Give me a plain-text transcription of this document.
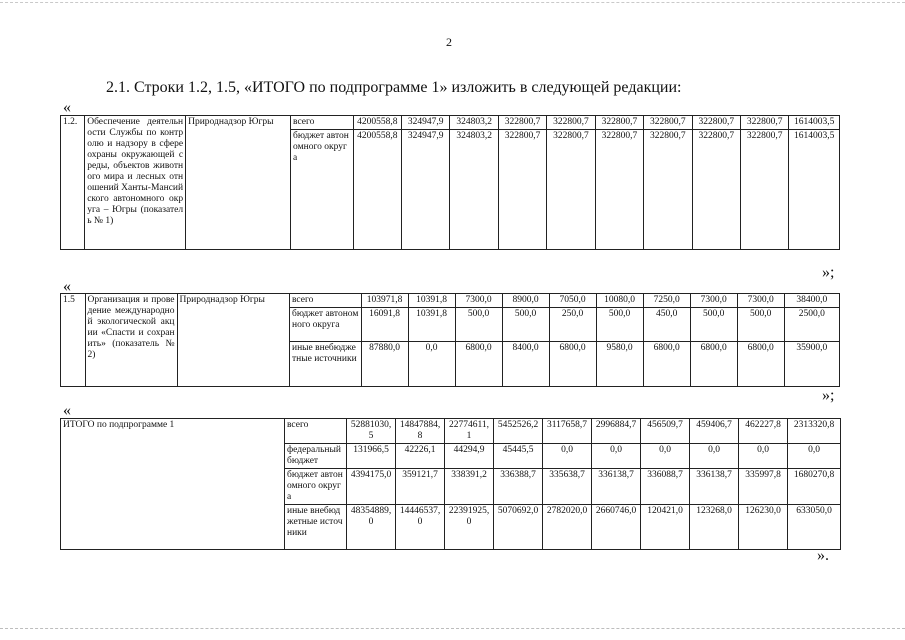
2
2.1. Строки 1.2, 1.5, «ИТОГО по подпрограмме 1» изложить в следующей редакции:
«
1.2.	Обеспечение деятельности Службы по контролю и надзору в сфере охраны окружающей среды, объектов животного мира и лесных отношений Ханты-Мансийского автономного округа – Югры (показатель № 1)	Природнадзор Югры	всего	4200558,8	324947,9	324803,2	322800,7	322800,7	322800,7	322800,7	322800,7	322800,7	1614003,5
			бюджет автономного округа	4200558,8	324947,9	324803,2	322800,7	322800,7	322800,7	322800,7	322800,7	322800,7	1614003,5
»;
«
1.5	Организация и проведение международной экологической акции «Спасти и сохранить» (показатель № 2)	Природнадзор Югры	всего	103971,8	10391,8	7300,0	8900,0	7050,0	10080,0	7250,0	7300,0	7300,0	38400,0
			бюджет автономного округа	16091,8	10391,8	500,0	500,0	250,0	500,0	450,0	500,0	500,0	2500,0
			иные внебюджетные источники	87880,0	0,0	6800,0	8400,0	6800,0	9580,0	6800,0	6800,0	6800,0	35900,0
»;
«
ИТОГО по подпрограмме 1	всего	52881030,5	14847884,8	22774611,1	5452526,2	3117658,7	2996884,7	456509,7	459406,7	462227,8	2313320,8
	федеральный бюджет	131966,5	42226,1	44294,9	45445,5	0,0	0,0	0,0	0,0	0,0	0,0
	бюджет автономного округа	4394175,0	359121,7	338391,2	336388,7	335638,7	336138,7	336088,7	336138,7	335997,8	1680270,8
	иные внебюджетные источники	48354889,0	14446537,0	22391925,0	5070692,0	2782020,0	2660746,0	120421,0	123268,0	126230,0	633050,0
».
